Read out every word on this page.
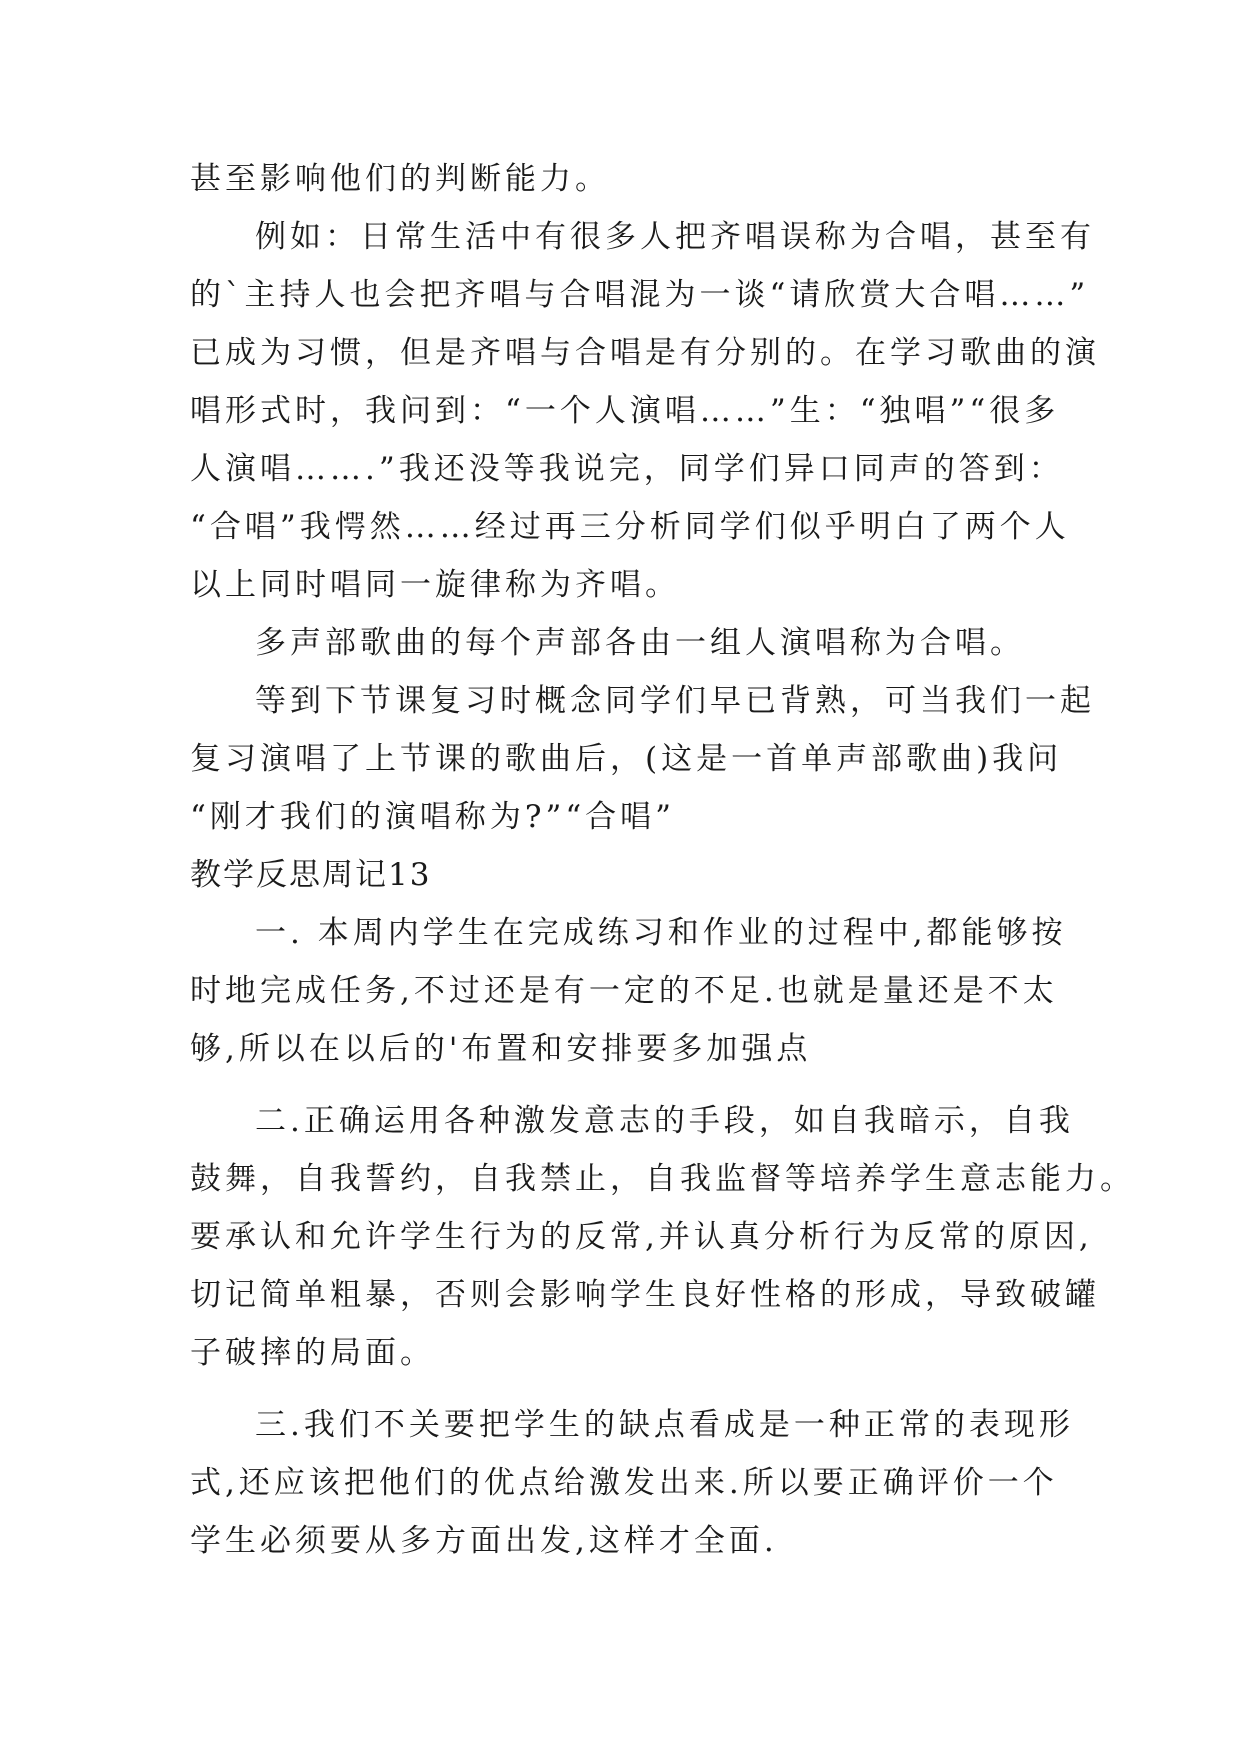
甚至影响他们的判断能力。
例如：日常生活中有很多人把齐唱误称为合唱，甚至有
的`主持人也会把齐唱与合唱混为一谈“请欣赏大合唱……”
已成为习惯，但是齐唱与合唱是有分别的。在学习歌曲的演
唱形式时，我问到：“一个人演唱……”生：“独唱”“很多
人演唱…….”我还没等我说完，同学们异口同声的答到：
“合唱”我愕然……经过再三分析同学们似乎明白了两个人
以上同时唱同一旋律称为齐唱。
多声部歌曲的每个声部各由一组人演唱称为合唱。
等到下节课复习时概念同学们早已背熟，可当我们一起
复习演唱了上节课的歌曲后，(这是一首单声部歌曲)我问
“刚才我们的演唱称为?”“合唱”
教学反思周记13
一. 本周内学生在完成练习和作业的过程中,都能够按
时地完成任务,不过还是有一定的不足.也就是量还是不太
够,所以在以后的'布置和安排要多加强点
二.正确运用各种激发意志的手段，如自我暗示，自我
鼓舞，自我誓约，自我禁止，自我监督等培养学生意志能力。
要承认和允许学生行为的反常,并认真分析行为反常的原因,
切记简单粗暴，否则会影响学生良好性格的形成，导致破罐
子破摔的局面。
三.我们不关要把学生的缺点看成是一种正常的表现形
式,还应该把他们的优点给激发出来.所以要正确评价一个
学生必须要从多方面出发,这样才全面.
